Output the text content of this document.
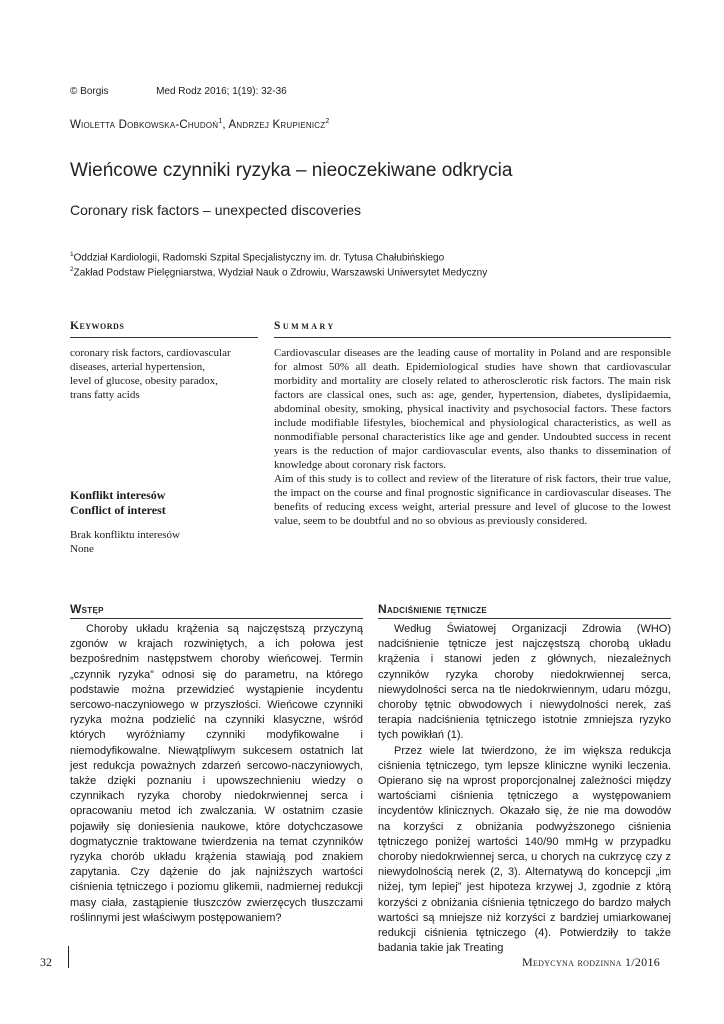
© Borgis	Med Rodz 2016; 1(19): 32-36
Wioletta Dobkowska-Chudoń$^1$, Andrzej Krupienicz$^2$
Wieńcowe czynniki ryzyka – nieoczekiwane odkrycia
Coronary risk factors – unexpected discoveries
$^1$Oddział Kardiologii, Radomski Szpital Specjalistyczny im. dr. Tytusa Chałubińskiego
$^2$Zakład Podstaw Pielęgniarstwa, Wydział Nauk o Zdrowiu, Warszawski Uniwersytet Medyczny
Keywords	Summary
coronary risk factors, cardiovascular
diseases, arterial hypertension,
level of glucose, obesity paradox,
trans fatty acids

Cardiovascular diseases are the leading cause of mortality in Poland and are responsible for almost 50% all death. Epidemiological studies have shown that cardiovascular morbidity and mortality are closely related to atherosclerotic risk factors. The main risk factors are classical ones, such as: age, gender, hypertension, diabetes, dyslipidaemia, abdominal obesity, smoking, physical inactivity and psychosocial factors. These factors include modifiable lifestyles, biochemical and physiological characteristics, as well as nonmodifiable personal characteristics like age and gender. Undoubted success in recent years is the reduction of major cardiovascular events, also thanks to dissemination of knowledge about coronary risk factors.

Aim of this study is to collect and review of the literature of risk factors, their true value, the impact on the course and final prognostic significance in cardiovascular diseases. The benefits of reducing excess weight, arterial pressure and level of glucose to the lowest value, seem to be doubtful and no so obvious as previously considered.

Konflikt interesów
Conflict of interest
Brak konfliktu interesów
None
Wstęp

Choroby układu krążenia są najczęstszą przyczyną zgonów w krajach rozwiniętych, a ich połowa jest bezpośrednim następstwem choroby wieńcowej. Termin „czynnik ryzyka” odnosi się do parametru, na którego podstawie można przewidzieć wystąpienie incydentu sercowo-naczyniowego w przyszłości. Wieńcowe czynniki ryzyka można podzielić na czynniki klasyczne, wśród których wyróżniamy czynniki modyfikowalne i niemodyfikowalne. Niewątpliwym sukcesem ostatnich lat jest redukcja poważnych zdarzeń sercowo-naczyniowych, także dzięki poznaniu i upowszechnieniu wiedzy o czynnikach ryzyka choroby niedokrwiennej serca i opracowaniu metod ich zwalczania. W ostatnim czasie pojawiły się doniesienia naukowe, które dotychczasowe dogmatycznie traktowane twierdzenia na temat czynników ryzyka chorób układu krążenia stawiają pod znakiem zapytania. Czy dążenie do jak najniższych wartości ciśnienia tętniczego i poziomu glikemii, nadmiernej redukcji masy ciała, zastąpienie tłuszczów zwierzęcych tłuszczami roślinnymi jest właściwym postępowaniem?

Nadciśnienie tętnicze

Według Światowej Organizacji Zdrowia (WHO) nadciśnienie tętnicze jest najczęstszą chorobą układu krążenia i stanowi jeden z głównych, niezależnych czynników ryzyka choroby niedokrwiennej serca, niewydolności serca na tle niedokrwiennym, udaru mózgu, choroby tętnic obwodowych i niewydolności nerek, zaś terapia nadciśnienia tętniczego istotnie zmniejsza ryzyko tych powikłań (1).

Przez wiele lat twierdzono, że im większa redukcja ciśnienia tętniczego, tym lepsze kliniczne wyniki leczenia. Opierano się na wprost proporcjonalnej zależności między wartościami ciśnienia tętniczego a występowaniem incydentów klinicznych. Okazało się, że nie ma dowodów na korzyści z obniżania podwyższonego ciśnienia tętniczego poniżej wartości 140/90 mmHg w przypadku choroby niedokrwiennej serca, u chorych na cukrzycę czy z niewydolnością nerek (2, 3). Alternatywą do koncepcji „im niżej, tym lepiej” jest hipoteza krzywej J, zgodnie z którą korzyści z obniżania ciśnienia tętniczego do bardzo małych wartości są mniejsze niż korzyści z bardziej umiarkowanej redukcji ciśnienia tętniczego (4). Potwierdziły to także badania takie jak Treating

32	Medycyna rodzinna 1/2016
